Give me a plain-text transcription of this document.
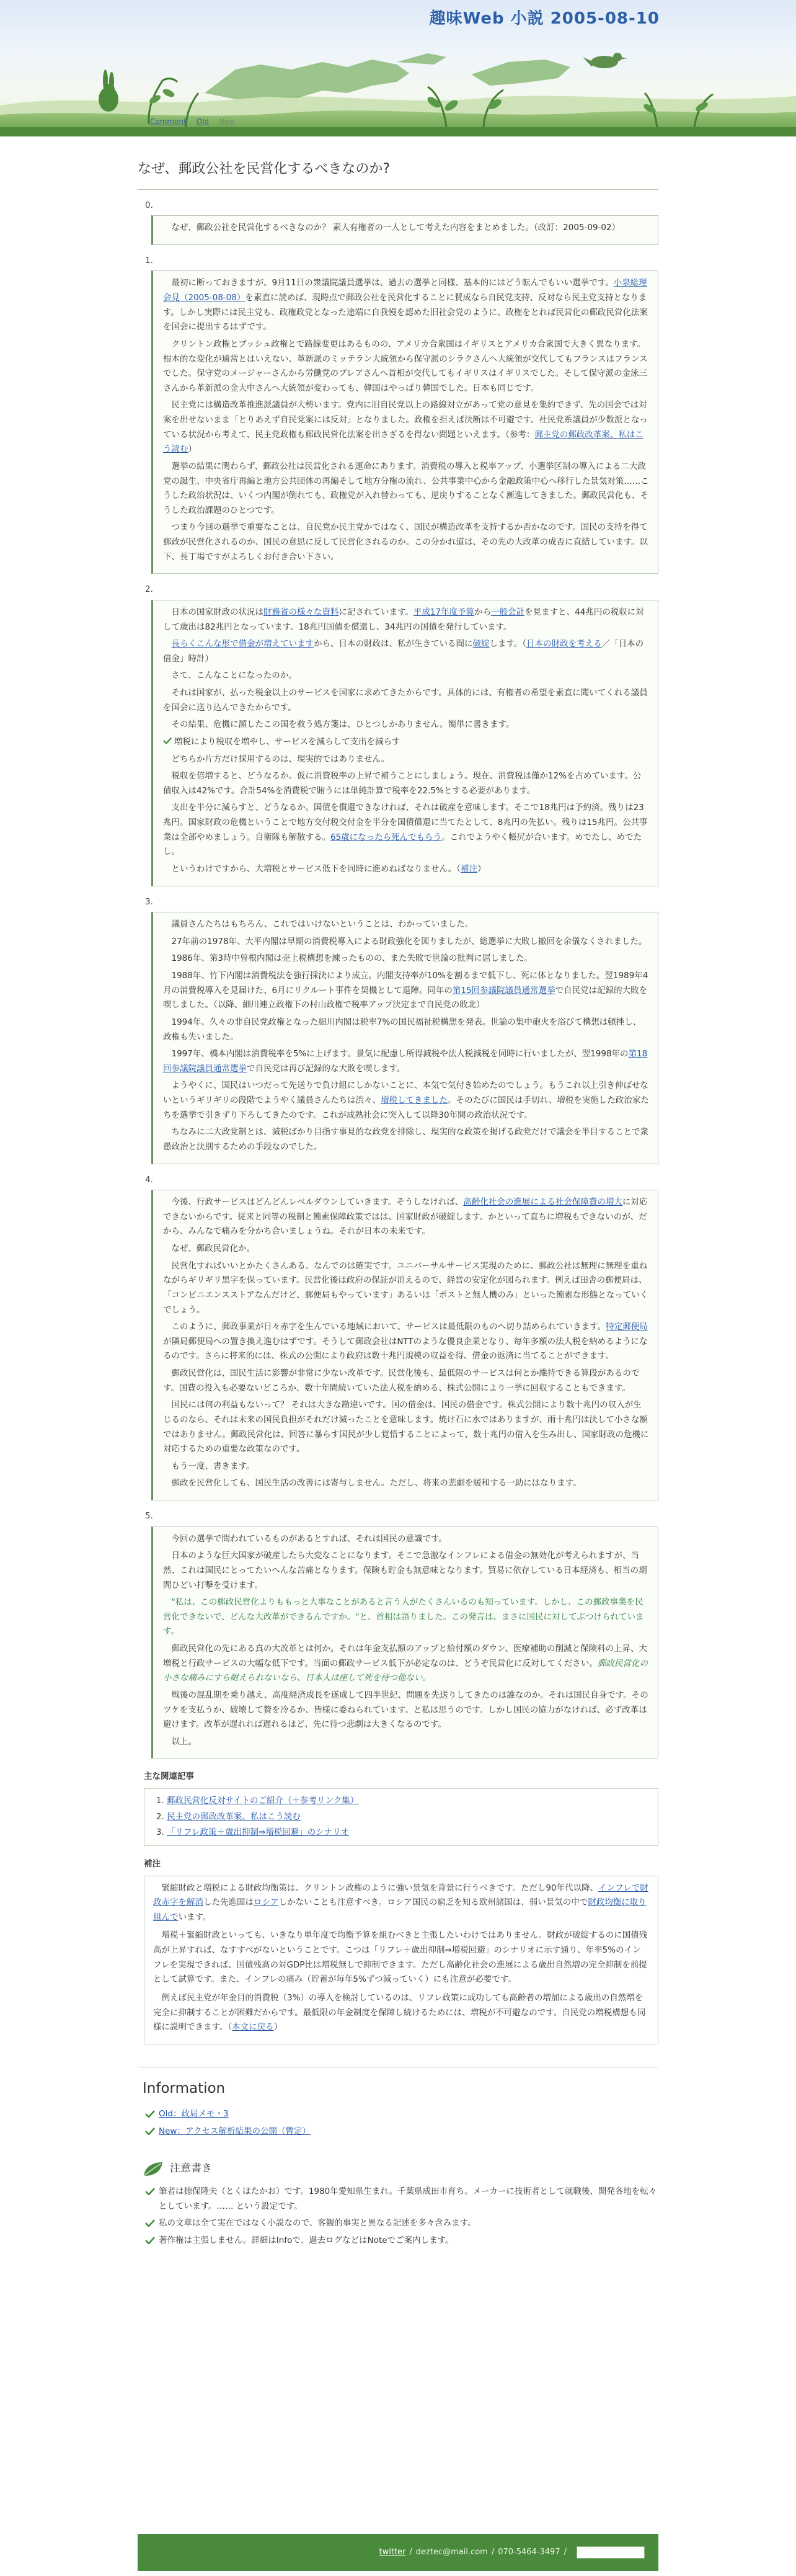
趣味Web 小説 2005-08-10
Comment Old New
なぜ、郵政公社を民営化するべきなのか?
0.

なぜ、郵政公社を民営化するべきなのか？ 素人有権者の一人として考えた内容をまとめました。（改訂：2005-09-02）

1.

最初に断っておきますが、9月11日の衆議院議員選挙は、過去の選挙と同様、基本的にはどう転んでもいい選挙です。小泉総理会見（2005-08-08）を素直に読めば、現時点で郵政公社を民営化することに賛成なら自民党支持、反対なら民主党支持となります。しかし実際には民主党も、政権政党となった途端に自我慢を認めた旧社会党のように、政権をとれば民営化の郵政民営化法案を国会に提出するはずです。

クリントン政権とブッシュ政権とで路線変更はあるものの、アメリカ合衆国はイギリスとアメリカ合衆国で大きく異なります。根本的な変化が通常とはいえない、革新派のミッテラン大統領から保守派のシラクさんへ大統領が交代してもフランスはフランスでした。保守党のメージャーさんから労働党のブレアさんへ首相が交代してもイギリスはイギリスでした。そして保守派の金泳三さんから革新派の金大中さんへ大統領が変わっても、韓国はやっぱり韓国でした。日本も同じです。

民主党には構造改革推進派議員が大勢います。党内に旧自民党以上の路線対立があって党の意見を集約できず、先の国会では対案を出せないまま「とりあえず自民党案には反対」となりました。政権を担えば決断は不可避です。社民党系議員が少数派となっている状況から考えて、民主党政権も郵政民営化法案を出さざるを得ない問題といえます。（参考：郵主党の郵政改革案、私はこう読む）

選挙の結果に関わらず、郵政公社は民営化される運命にあります。消費税の導入と税率アップ、小選挙区制の導入による二大政党の誕生、中央省庁再編と地方公共団体の再編そして地方分権の流れ、公共事業中心から金融政策中心へ移行した景気対策……こうした政治状況は、いくつ内閣が倒れても、政権党が入れ替わっても、逆戻りすることなく漸進してきました。郵政民営化も、そうした政治課題のひとつです。

つまり今回の選挙で重要なことは、自民党か民主党かではなく、国民が構造改革を支持するか否かなのです。国民の支持を得て郵政が民営化されるのか、国民の意思に反して民営化されるのか。この分かれ道は、その先の大改革の成否に直結しています。以下、長丁場ですがよろしくお付き合い下さい。

2.

日本の国家財政の状況は財務省の様々な資料に記されています。平成17年度予算から一般会計を見ますと、44兆円の税収に対して歳出は82兆円となっています。18兆円国債を償還し、34兆円の国債を発行しています。

長らくこんな形で借金が増えていますから、日本の財政は、私が生きている間に破綻します。（日本の財政を考える／「日本の借金」時計）

さて、こんなことになったのか。

それは国家が、払った税金以上のサービスを国家に求めてきたからです。具体的には、有権者の希望を素直に聞いてくれる議員を国会に送り込んできたからです。

その結果、危機に瀕したこの国を救う処方箋は、ひとつしかありません。簡単に書きます。

増税により税収を増やし、サービスを減らして支出を減らす

どちらか片方だけ採用するのは、現実的ではありません。

税収を倍増すると、どうなるか。仮に消費税率の上昇で補うことにしましょう。現在、消費税は僅か12%を占めています。公債収入は42%です。合計54%を消費税で賄うには単純計算で税率を22.5%とする必要があります。

支出を半分に減らすと、どうなるか。国債を償還できなければ、それは破産を意味します。そこで18兆円は予約済。残りは23兆円。国家財政の危機ということで地方交付税交付金を半分を国債償還に当てたとして、8兆円の先払い。残りは15兆円。公共事業は全部やめましょう。自衛隊も解散する。65歳になったら死んでもらう。これでようやく帳尻が合います。めでたし、めでたし。

というわけですから、大増税とサービス低下を同時に進めねばなりません。（補注）

3.

議員さんたちはもちろん、これではいけないということは、わかっていました。

27年前の1978年、大平内閣は早期の消費税導入による財政強化を図りましたが、総選挙に大敗し撤回を余儀なくされました。

1986年、第3時中曽根内閣は売上税構想を練ったものの、また失敗で世論の批判に屈しました。

1988年、竹下内閣は消費税法を強行採決により成立。内閣支持率が10%を割るまで低下し、死に体となりました。翌1989年4月の消費税導入を見届けた、6月にリクルート事件を契機として退陣。同年の第15回参議院議員通常選挙で自民党は記録的大敗を喫しました。（以降、細川連立政権下の村山政権で税率アップ決定まで自民党の敗北）

1994年、久々の非自民党政権となった細川内閣は税率7%の国民福祉税構想を発表。世論の集中砲火を浴びて構想は頓挫し、政権も失いました。

1997年、橋本内閣は消費税率を5%に上げます。景気に配慮し所得減税や法人税減税を同時に行いましたが、翌1998年の第18回参議院議員通常選挙で自民党は再び記録的な大敗を喫します。

ようやくに、国民はいつだって先送りで負け組にしかないことに、本気で気付き始めたのでしょう。もうこれ以上引き伸ばせないというギリギリの段階でようやく議員さんたちは渋々、増税してきました。そのたびに国民は手切れ、増税を実施した政治家たちを選挙で引きずり下ろしてきたのです。これが成熟社会に突入して以降30年間の政治状況です。

ちなみに二大政党制とは、減税ばかり目指す事見的な政党を排除し、現実的な政策を掲げる政党だけで議会を半目することで衆愚政治と決別するための手段なのでした。

4.

今後、行政サービスはどんどんレベルダウンしていきます。そうしなければ、高齢化社会の進展による社会保障費の増大に対応できないからです。従来と同等の税制と簡素保障政策ではは、国家財政が破綻します。かといって直ちに増税もできないのが、だから、みんなで痛みを分かち合いましょうね。それが日本の未来です。

なぜ、郵政民営化か。

民営化すればいいとかたくさんある。なんでのは確実です。ユニバーサルサービス実現のために、郵政公社は無理に無理を重ねながらギリギリ黒字を保っています。民営化後は政府の保証が消えるので、経営の安定化が図られます。例えば田舎の郵便局は、「コンビニエンスストアなんだけど、郵便局もやっています」あるいは「ポストと無人機のみ」といった簡素な形態となっていくでしょう。

このように、郵政事業が日々赤字を生んでいる地域において、サービスは最低限のものへ切り詰められていきます。特定郵便局が隣局郵便局への置き換え進むはずです。そうして郵政会社はNTTのような優良企業となり、毎年多額の法人税を納めるようになるのです。さらに将来的には、株式の公開により政府は数十兆円規模の収益を得、借金の返済に当てることができます。

郵政民営化は、国民生活に影響が非常に少ない改革です。民営化後も、最低限のサービスは何とか維持できる算段があるのです。国費の投入も必要ないどころか、数十年間続いていた法人税を納める、株式公開により一挙に回収することもできます。

国民には何の利益もないって？ それは大きな勘違いです。国の借金は、国民の借金です。株式公開により数十兆円の収入が生じるのなら、それは未来の国民負担がそれだけ減ったことを意味します。焼け石に水ではありますが、雨十兆円は決して小さな額ではありません。郵政民営化は、回答に暴らす国民が少し覚悟することによって、数十兆円の借入を生み出し、国家財政の危機に対応するための重要な政策なのです。

もう一度、書きます。

郵政を民営化しても、国民生活の改善には寄与しません。ただし、将来の悲劇を緩和する一助にはなります。

5.

今回の選挙で問われているものがあるとすれば、それは国民の意識です。

日本のような巨大国家が破産したら大変なことになります。そこで急激なインフレによる借金の無効化が考えられますが、当然、これは国民にとってたいへんな苦痛となります。保険も貯金も無意味となります。貿易に依存している日本経済も、相当の期間ひどい打撃を受けます。

"私は、この郵政民営化よりももっと大事なことがあると言う人がたくさんいるのも知っています。しかし、この郵政事業を民営化できないで、どんな大改革ができるんですか。"と、首相は語りました。この発言は、まさに国民に対してぶつけられています。

郵政民営化の先にある真の大改革とは何か。それは年金支払額のアップと給付額のダウン、医療補助の削減と保険料の上昇、大増税と行政サービスの大幅な低下です。当面の郵政サービス低下が必定なのは、どうぞ民営化に反対してください。郵政民営化の小さな痛みにすら耐えられないなら、日本人は座して死を待つ他ない。

戦後の混乱期を乗り越え、高度経済成長を遂成して四半世紀、問題を先送りしてきたのは誰なのか。それは国民自身です。そのツケを支払うか、破壊して贅を冷るか、皆様に委ねられています。と私は思うのです。しかし国民の協力がなければ、必ず改革は避けます。改革が遅れれば遅れるほど、先に待つ悲劇は大きくなるのです。

以上。

主な関連記事
1. 郵政民営化反対サイトのご紹介（＋参考リンク集）
2. 民主党の郵政改革案、私はこう読む
3. 「リフレ政策＋歳出抑制⇒増税回避」のシナリオ
補注

緊縮財政と増税による財政均衡策は、クリントン政権のように強い景気を背景に行うべきです。ただし90年代以降、インフレで財政赤字を解消した先進国はロシアしかないことも注意すべき。ロシア国民の窮乏を知る欧州諸国は、弱い景気の中で財政均衡に取り組んでいます。

増税＋緊縮財政といっても、いきなり単年度で均衡予算を組むべきと主張したいわけではありません。財政が破綻するのに国債残高が上昇すれば、なすすべがないということです。こつは「リフレ＋歳出抑制⇒増税回避」のシナリオに示す通り、年率5%のインフレを実現できれば、国債残高の対GDP比は増税無しで抑制できます。ただし高齢化社会の進展による歳出自然増の完全抑制を前提として試算です。また、インフレの痛み（貯蓄が毎年5%ずつ減っていく）にも注意が必要です。

例えば民主党が年金目的消費税（3%）の導入を検討しているのは、リフレ政策に成功しても高齢者の増加による歳出の自然増を完全に抑制することが困難だからです。最低限の年金制度を保障し続けるためには、増税が不可避なのです。自民党の増税構想も同様に説明できます。（本文に戻る）

Information
Old：政局メモ・3
New：アクセス解析結果の公開（暫定）
注意書き
筆者は徳保隆夫（とくほたかお）です。1980年愛知県生まれ。千葉県成田市育ち。メーカーに技術者として就職後、開発各地を転々としています。…… という設定です。
私の文章は全て実在ではなく小説なので、客観的事実と異なる記述を多々含みます。
著作権は主張しません。詳細はInfoで、過去ログなどはNoteでご案内します。
twitter / deztec@mail.com / 070-5464-3497 /
